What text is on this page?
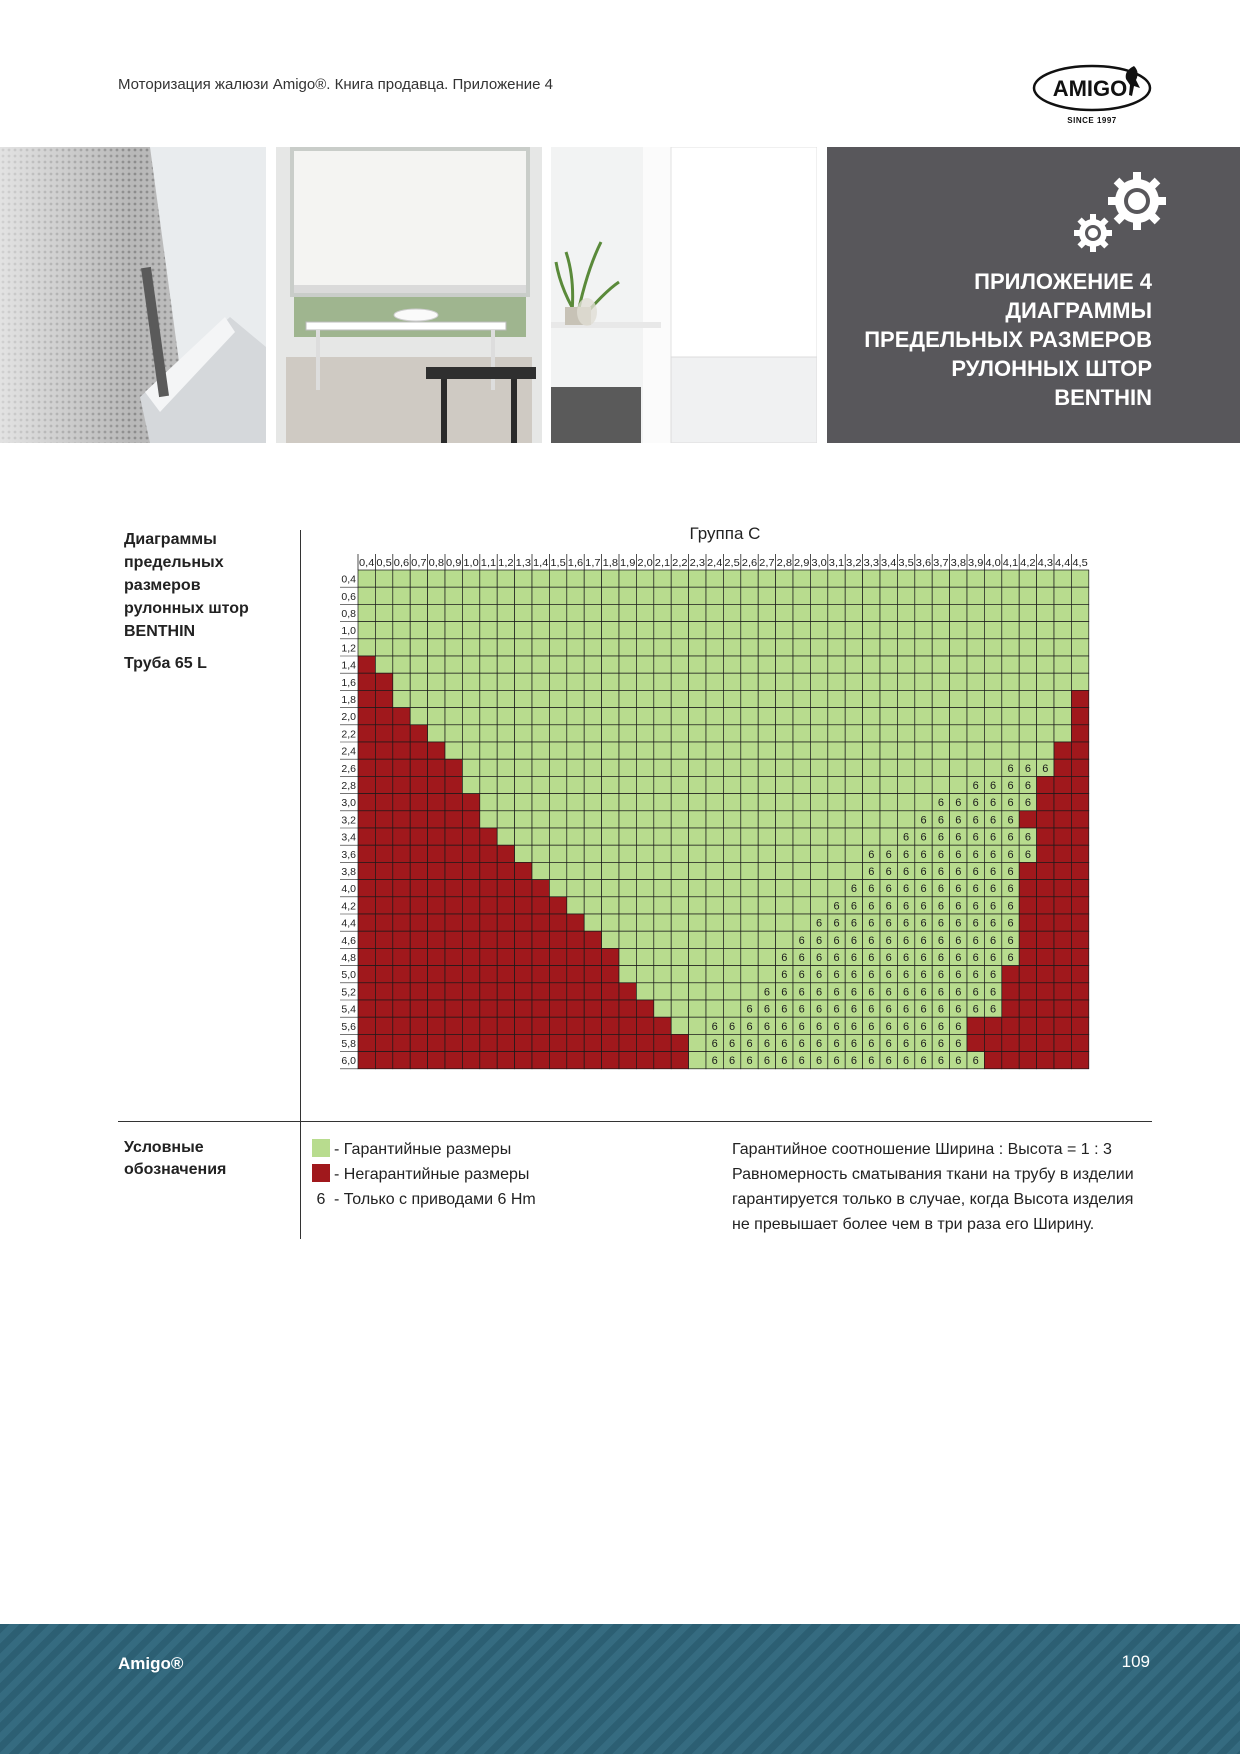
Моторизация жалюзи Amigo®. Книга продавца. Приложение 4	AMIGO
SINCE 1997
ПРИЛОЖЕНИЕ 4
ДИАГРАММЫ
ПРЕДЕЛЬНЫХ РАЗМЕРОВ
РУЛОННЫХ ШТОР
BENTHIN
Диаграммы
предельных
размеров
рулонных штор
BENTHIN
Труба 65 L
Группа С
0,4 0,5 0,6 0,7 0,8 0,9 1,0 1,1 1,2 1,3 1,4 1,5 1,6 1,7 1,8 1,9 2,0 2,1 2,2 2,3 2,4 2,5 2,6 2,7 2,8 2,9 3,0 3,1 3,2 3,3 3,4 3,5 3,6 3,7 3,8 3,9 4,0 4,1 4,2 4,3 4,4 4,5
0,4
0,6
0,8
1,0
1,2
1,4
1,6
1,8
2,0
2,2
2,4
2,6
2,8
3,0
3,2
3,4
3,6
3,8
4,0
4,2
4,4
4,6
4,8
5,0
5,2
5,4
5,6
5,8
6,0
6 6 6
6 6 6 6
6 6 6 6 6 6
6 6 6 6 6 6
6 6 6 6 6 6 6 6
6 6 6 6 6 6 6 6 6 6
6 6 6 6 6 6 6 6 6
6 6 6 6 6 6 6 6 6 6
6 6 6 6 6 6 6 6 6 6 6
6 6 6 6 6 6 6 6 6 6 6 6
6 6 6 6 6 6 6 6 6 6 6 6 6
6 6 6 6 6 6 6 6 6 6 6 6 6 6
6 6 6 6 6 6 6 6 6 6 6 6 6
6 6 6 6 6 6 6 6 6 6 6 6 6 6
6 6 6 6 6 6 6 6 6 6 6 6 6 6 6
6 6 6 6 6 6 6 6 6 6 6 6 6 6 6
6 6 6 6 6 6 6 6 6 6 6 6 6 6 6
6 6 6 6 6 6 6 6 6 6 6 6 6 6 6 6
Условные
обозначения
- Гарантийные размеры
- Негарантийные размеры
6 - Только с приводами 6 Hm
Гарантийное соотношение Ширина : Высота = 1 : 3
Равномерность сматывания ткани на трубу в изделии
гарантируется только в случае, когда Высота изделия
не превышает более чем в три раза его Ширину.
Amigo®	109
